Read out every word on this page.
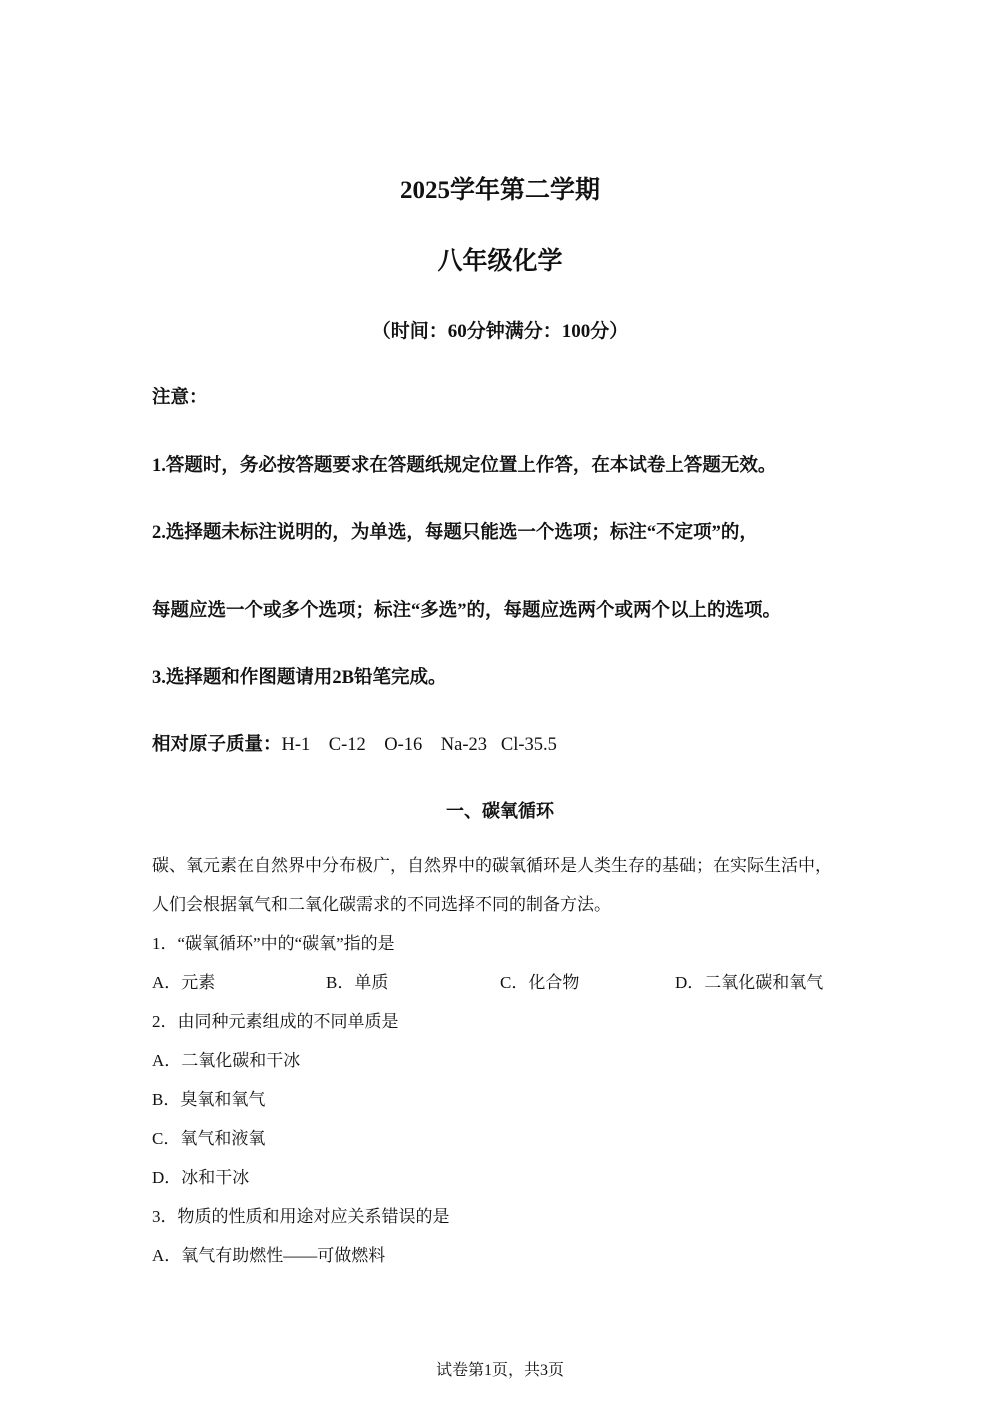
2025学年第二学期
八年级化学
（时间：60分钟满分：100分）
注意：
1.答题时，务必按答题要求在答题纸规定位置上作答，在本试卷上答题无效。
2.选择题未标注说明的，为单选，每题只能选一个选项；标注“不定项”的，
每题应选一个或多个选项；标注“多选”的，每题应选两个或两个以上的选项。
3.选择题和作图题请用2B铅笔完成。
相对原子质量：H-1    C-12    O-16    Na-23   Cl-35.5
一、碳氧循环
碳、氧元素在自然界中分布极广，自然界中的碳氧循环是人类生存的基础；在实际生活中，
人们会根据氧气和二氧化碳需求的不同选择不同的制备方法。
1．“碳氧循环”中的“碳氧”指的是
A．元素	B．单质	C．化合物	D．二氧化碳和氧气
2．由同种元素组成的不同单质是
A．二氧化碳和干冰
B．臭氧和氧气
C．氧气和液氧
D．冰和干冰
3．物质的性质和用途对应关系错误的是
A．氧气有助燃性——可做燃料
试卷第1页，共3页
